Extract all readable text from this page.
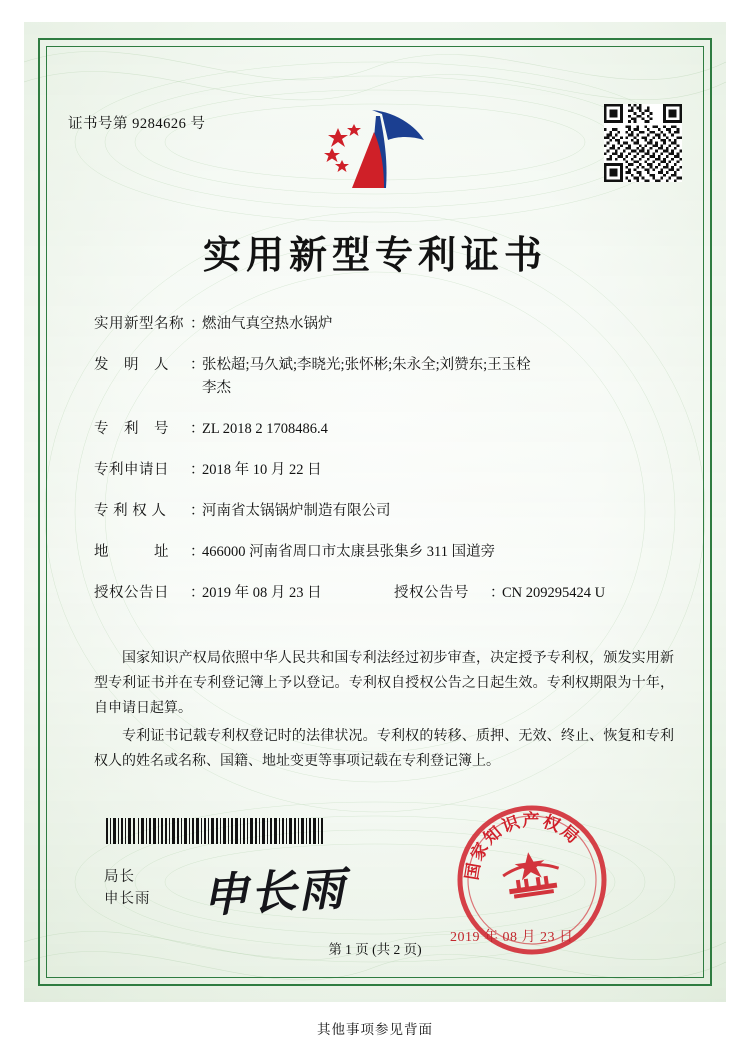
证书号第 9284626 号
实用新型专利证书
实用新型名称 ：燃油气真空热水锅炉
发　明　人 ：张松超;马久斌;李晓光;张怀彬;朱永全;刘赞东;王玉栓
李杰
专　利　号 ：ZL 2018 2 1708486.4
专利申请日 ：2018 年 10 月 22 日
专 利 权 人 ：河南省太锅锅炉制造有限公司
地　　　址 ：466000 河南省周口市太康县张集乡 311 国道旁
授权公告日 ：2019 年 08 月 23 日	授权公告号 ：CN 209295424 U

国家知识产权局依照中华人民共和国专利法经过初步审查，决定授予专利权，颁发实用新型专利证书并在专利登记簿上予以登记。专利权自授权公告之日起生效。专利权期限为十年，自申请日起算。

专利证书记载专利权登记时的法律状况。专利权的转移、质押、无效、终止、恢复和专利权人的姓名或名称、国籍、地址变更等事项记载在专利登记簿上。

局长
申长雨 申长雨	国家知识产权局
2019 年 08 月 23 日
第 1 页 (共 2 页)
其他事项参见背面
